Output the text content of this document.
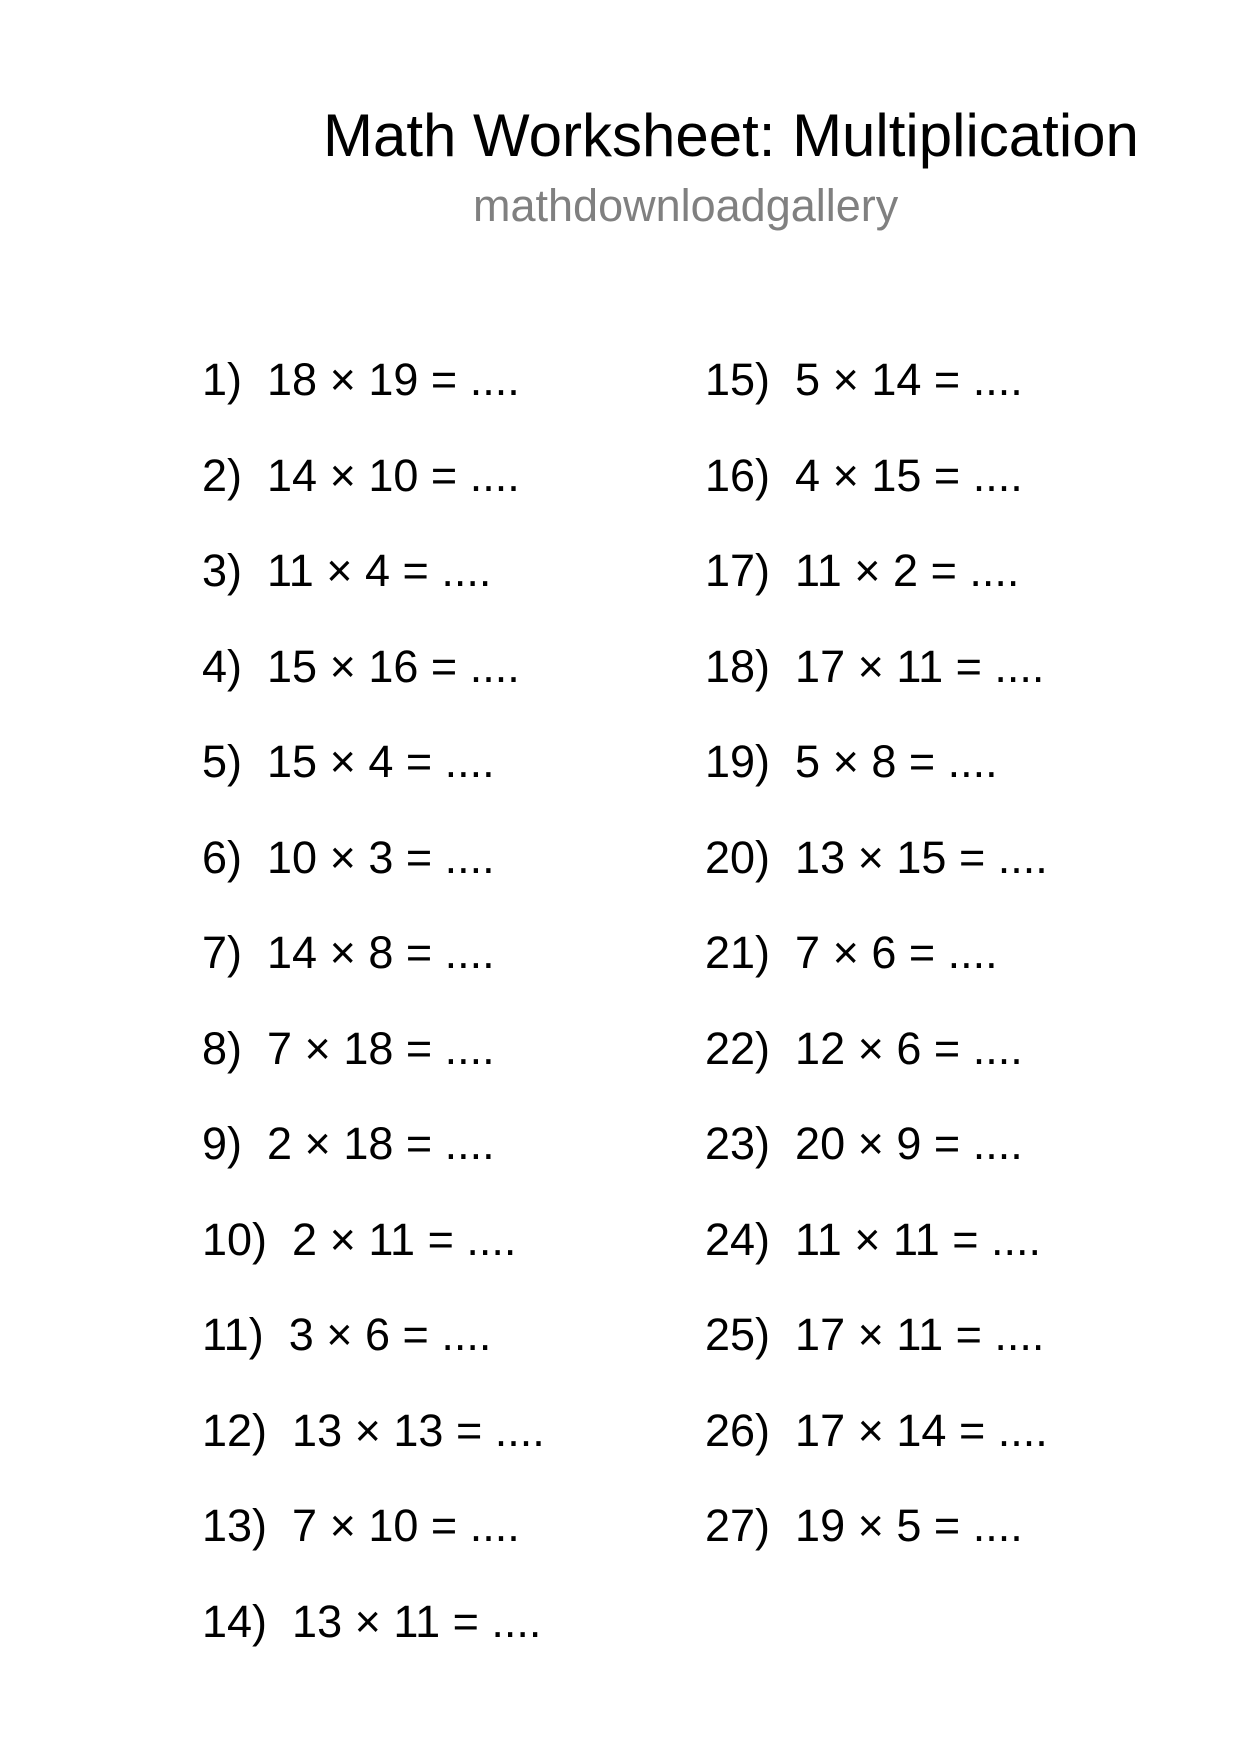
Math Worksheet: Multiplication
mathdownloadgallery
1) 18 × 19 = ....
2) 14 × 10 = ....
3) 11 × 4 = ....
4) 15 × 16 = ....
5) 15 × 4 = ....
6) 10 × 3 = ....
7) 14 × 8 = ....
8) 7 × 18 = ....
9) 2 × 18 = ....
10) 2 × 11 = ....
11) 3 × 6 = ....
12) 13 × 13 = ....
13) 7 × 10 = ....
14) 13 × 11 = ....
15) 5 × 14 = ....
16) 4 × 15 = ....
17) 11 × 2 = ....
18) 17 × 11 = ....
19) 5 × 8 = ....
20) 13 × 15 = ....
21) 7 × 6 = ....
22) 12 × 6 = ....
23) 20 × 9 = ....
24) 11 × 11 = ....
25) 17 × 11 = ....
26) 17 × 14 = ....
27) 19 × 5 = ....
